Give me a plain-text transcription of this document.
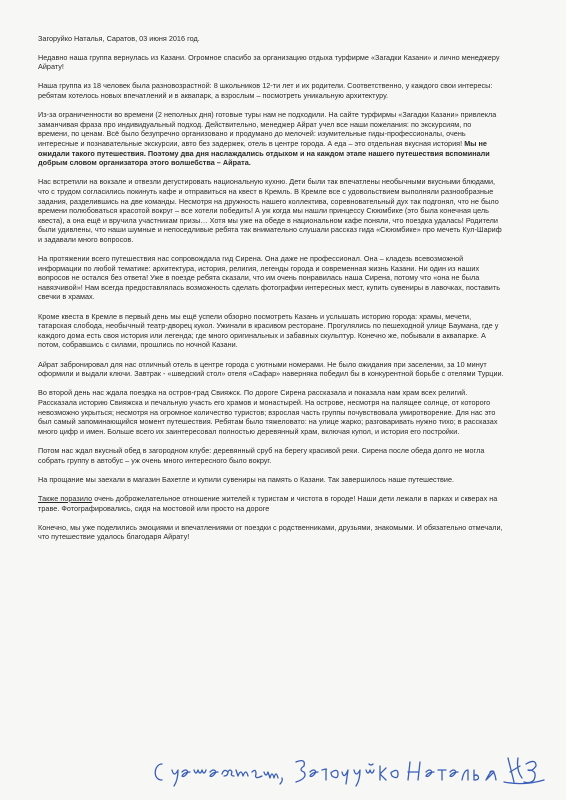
Загоруйко Наталья, Саратов, 03 июня 2016 год.

Недавно наша группа вернулась из Казани. Огромное спасибо за организацию отдыха турфирме «Загадки Казани» и лично менеджеру Айрату!

Наша группа из 18 человек была разновозрастной: 8 школьников 12-ти лет и их родители. Соответственно, у каждого свои интересы: ребятам хотелось новых впечатлений и в аквапарк, а взрослым – посмотреть уникальную архитектуру.

Из-за ограниченности во времени (2 неполных дня) готовые туры нам не подходили. На сайте турфирмы «Загадки Казани» привлекла заманчивая фраза про индивидуальный подход. Действительно, менеджер Айрат учел все наши пожелания: по экскурсиям, по времени, по ценам. Всё было безупречно организовано и продумано до мелочей: изумительные гиды-профессионалы, очень интересные и познавательные экскурсии, авто без задержек, отель в центре города. А еда – это отдельная вкусная история! Мы не ожидали такого путешествия. Поэтому два дня наслаждались отдыхом и на каждом этапе нашего путешествия вспоминали добрым словом организатора этого волшебства – Айрата.

Нас встретили на вокзале и отвезли дегустировать национальную кухню. Дети были так впечатлены необычными вкусными блюдами, что с трудом согласились покинуть кафе и отправиться на квест в Кремль. В Кремле все с удовольствием выполняли разнообразные задания, разделившись на две команды. Несмотря на дружность нашего коллектива, соревновательный дух так подгонял, что не было времени полюбоваться красотой вокруг – все хотели победить! А уж когда мы нашли принцессу Сююмбике (это была конечная цель квеста), а она ещё и вручила участникам призы… Хотя мы уже на обеде в национальном кафе поняли, что поездка удалась! Родители были удивлены, что наши шумные и непоседливые ребята так внимательно слушали рассказ гида «Сююмбике» про мечеть Кул-Шариф и задавали много вопросов.

На протяжении всего путешествия нас сопровождала гид Сирена. Она даже не профессионал. Она – кладезь всевозможной информации по любой тематике: архитектура, история, религия, легенды города и современная жизнь Казани. Ни один из наших вопросов не остался без ответа! Уже в поезде ребята сказали, что им очень понравилась наша Сирена, потому что «она не была навязчивой»! Нам всегда предоставлялась возможность сделать фотографии интересных мест, купить сувениры в лавочках, поставить свечки в храмах.

Кроме квеста в Кремле в первый день мы ещё успели обзорно посмотреть Казань и услышать историю города: храмы, мечети, татарская слобода, необычный театр-дворец кукол. Ужинали в красивом ресторане. Прогулялись по пешеходной улице Баумана, где у каждого дома есть своя история или легенда; где много оригинальных и забавных скульптур. Конечно же, побывали в аквапарке. А потом, собравшись с силами, прошлись по ночной Казани.

Айрат забронировал для нас отличный отель в центре города с уютными номерами. Не было ожидания при заселении, за 10 минут оформили и выдали ключи. Завтрак - «шведский стол» отеля «Сафар» наверняка победил бы в конкурентной борьбе с отелями Турции.

Во второй день нас ждала поездка на остров-град Свияжск. По дороге Сирена рассказала и показала нам храм всех религий. Рассказала историю Свияжска и печальную участь его храмов и монастырей. На острове, несмотря на палящее солнце, от которого невозможно укрыться; несмотря на огромное количество туристов; взрослая часть группы почувствовала умиротворение. Для нас это был самый запоминающийся момент путешествия. Ребятам было тяжеловато: на улице жарко; разговаривать нужно тихо; в рассказах много цифр и имен. Больше всего их заинтересовал полностью деревянный храм, включая купол, и история его постройки.

Потом нас ждал вкусный обед в загородном клубе: деревянный сруб на берегу красивой реки. Сирена после обеда долго не могла собрать группу в автобус – уж очень много интересного было вокруг.

На прощание мы заехали в магазин Бахетле и купили сувениры на память о Казани. Так завершилось наше путешествие.

Также поразило очень доброжелательное отношение жителей к туристам и чистота в городе! Наши дети лежали в парках и скверах на траве. Фотографировались, сидя на мостовой или просто на дороге

Конечно, мы уже поделились эмоциями и впечатлениями от поездки с родственниками, друзьями, знакомыми. И обязательно отмечали, что путешествие удалось благодаря Айрату!
